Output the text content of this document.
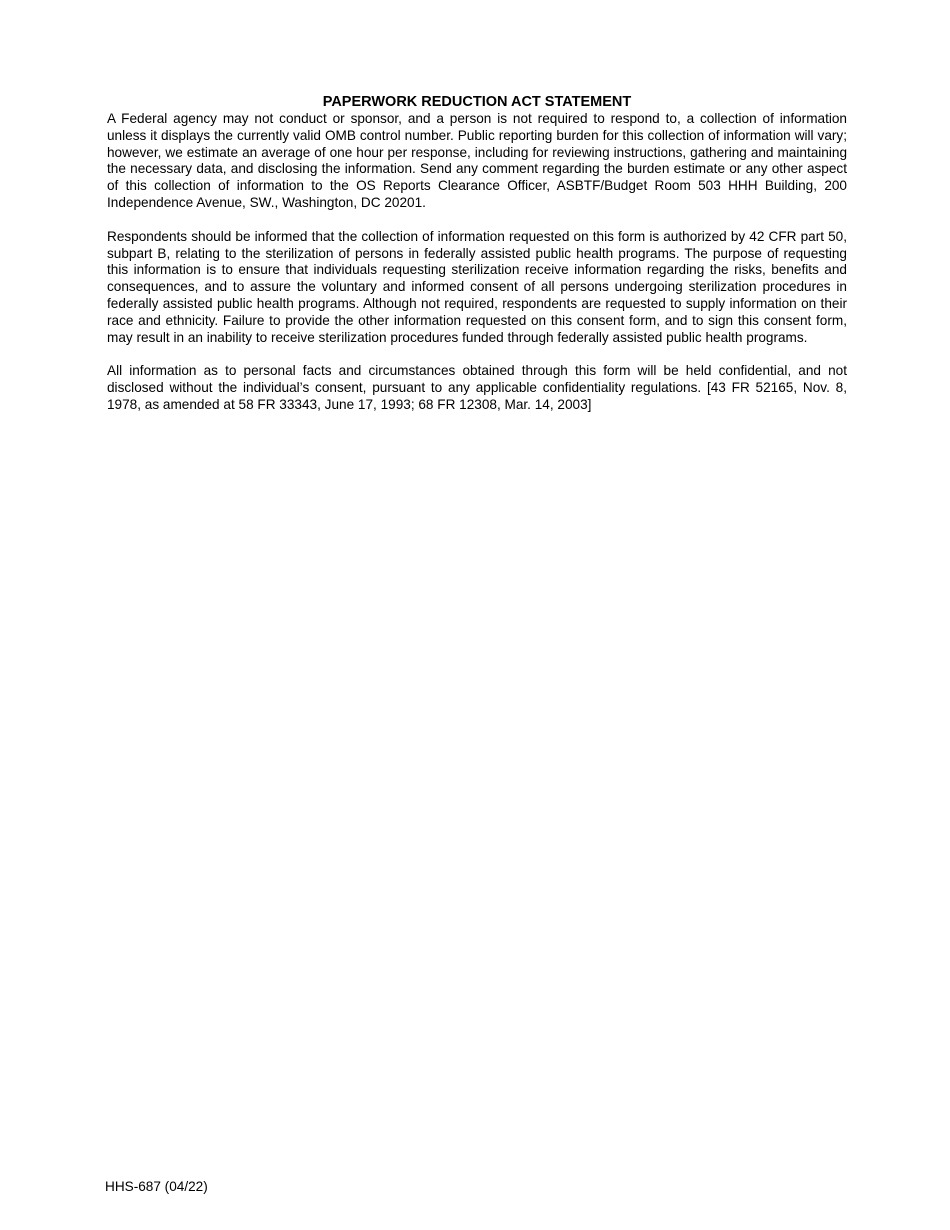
PAPERWORK REDUCTION ACT STATEMENT

A Federal agency may not conduct or sponsor, and a person is not required to respond to, a collection of information unless it displays the currently valid OMB control number. Public reporting burden for this collection of information will vary; however, we estimate an average of one hour per response, including for reviewing instructions, gathering and maintaining the necessary data, and disclosing the information. Send any comment regarding the burden estimate or any other aspect of this collection of information to the OS Reports Clearance Officer, ASBTF/Budget Room 503 HHH Building, 200 Independence Avenue, SW., Washington, DC 20201.

Respondents should be informed that the collection of information requested on this form is authorized by 42 CFR part 50, subpart B, relating to the sterilization of persons in federally assisted public health programs. The purpose of requesting this information is to ensure that individuals requesting sterilization receive information regarding the risks, benefits and consequences, and to assure the voluntary and informed consent of all persons undergoing sterilization procedures in federally assisted public health programs. Although not required, respondents are requested to supply information on their race and ethnicity. Failure to provide the other information requested on this consent form, and to sign this consent form, may result in an inability to receive sterilization procedures funded through federally assisted public health programs.

All information as to personal facts and circumstances obtained through this form will be held confidential, and not disclosed without the individual’s consent, pursuant to any applicable confidentiality regulations. [43 FR 52165, Nov. 8, 1978, as amended at 58 FR 33343, June 17, 1993; 68 FR 12308, Mar. 14, 2003]

HHS-687 (04/22)
